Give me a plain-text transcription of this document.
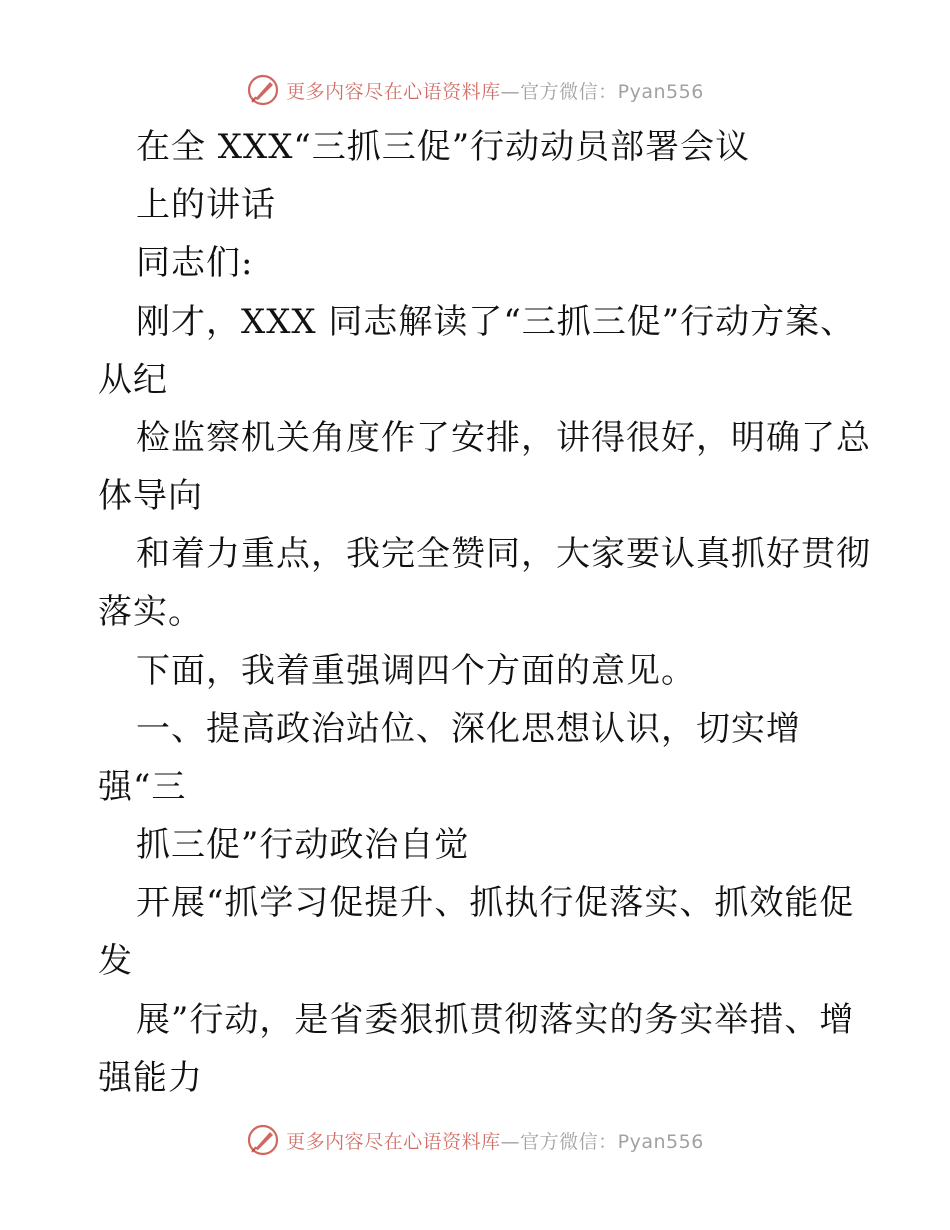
更多内容尽在心语资料库—官方微信：Pyan556
在全 XXX“三抓三促”行动动员部署会议
上的讲话
同志们:
刚才，XXX 同志解读了“三抓三促”行动方案、
从纪
检监察机关角度作了安排，讲得很好，明确了总
体导向
和着力重点，我完全赞同，大家要认真抓好贯彻
落实。
下面，我着重强调四个方面的意见。
一、提高政治站位、深化思想认识，切实增
强“三
抓三促”行动政治自觉
开展“抓学习促提升、抓执行促落实、抓效能促
发
展”行动，是省委狠抓贯彻落实的务实举措、增
强能力
更多内容尽在心语资料库—官方微信：Pyan556
